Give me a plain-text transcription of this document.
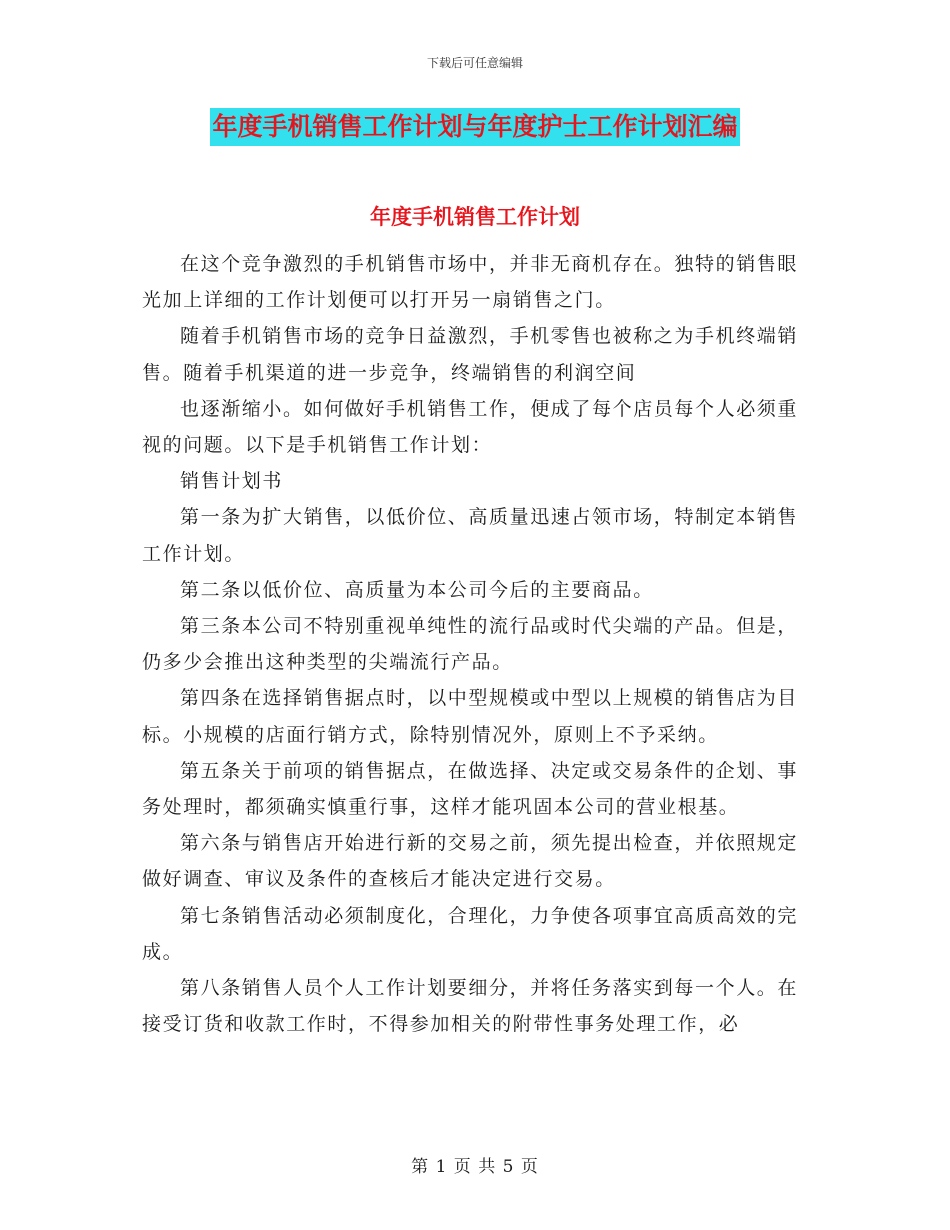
下载后可任意编辑
年度手机销售工作计划与年度护士工作计划汇编
年度手机销售工作计划

在这个竞争激烈的手机销售市场中，并非无商机存在。独特的销售眼光加上详细的工作计划便可以打开另一扇销售之门。

随着手机销售市场的竞争日益激烈，手机零售也被称之为手机终端销售。随着手机渠道的进一步竞争，终端销售的利润空间

也逐渐缩小。如何做好手机销售工作，便成了每个店员每个人必须重视的问题。以下是手机销售工作计划：

销售计划书

第一条为扩大销售，以低价位、高质量迅速占领市场，特制定本销售工作计划。

第二条以低价位、高质量为本公司今后的主要商品。

第三条本公司不特别重视单纯性的流行品或时代尖端的产品。但是，仍多少会推出这种类型的尖端流行产品。

第四条在选择销售据点时，以中型规模或中型以上规模的销售店为目标。小规模的店面行销方式，除特别情况外，原则上不予采纳。

第五条关于前项的销售据点，在做选择、决定或交易条件的企划、事务处理时，都须确实慎重行事，这样才能巩固本公司的营业根基。

第六条与销售店开始进行新的交易之前，须先提出检查，并依照规定做好调查、审议及条件的查核后才能决定进行交易。

第七条销售活动必须制度化，合理化，力争使各项事宜高质高效的完成。

第八条销售人员个人工作计划要细分，并将任务落实到每一个人。在接受订货和收款工作时，不得参加相关的附带性事务处理工作，必

第 1 页 共 5 页
